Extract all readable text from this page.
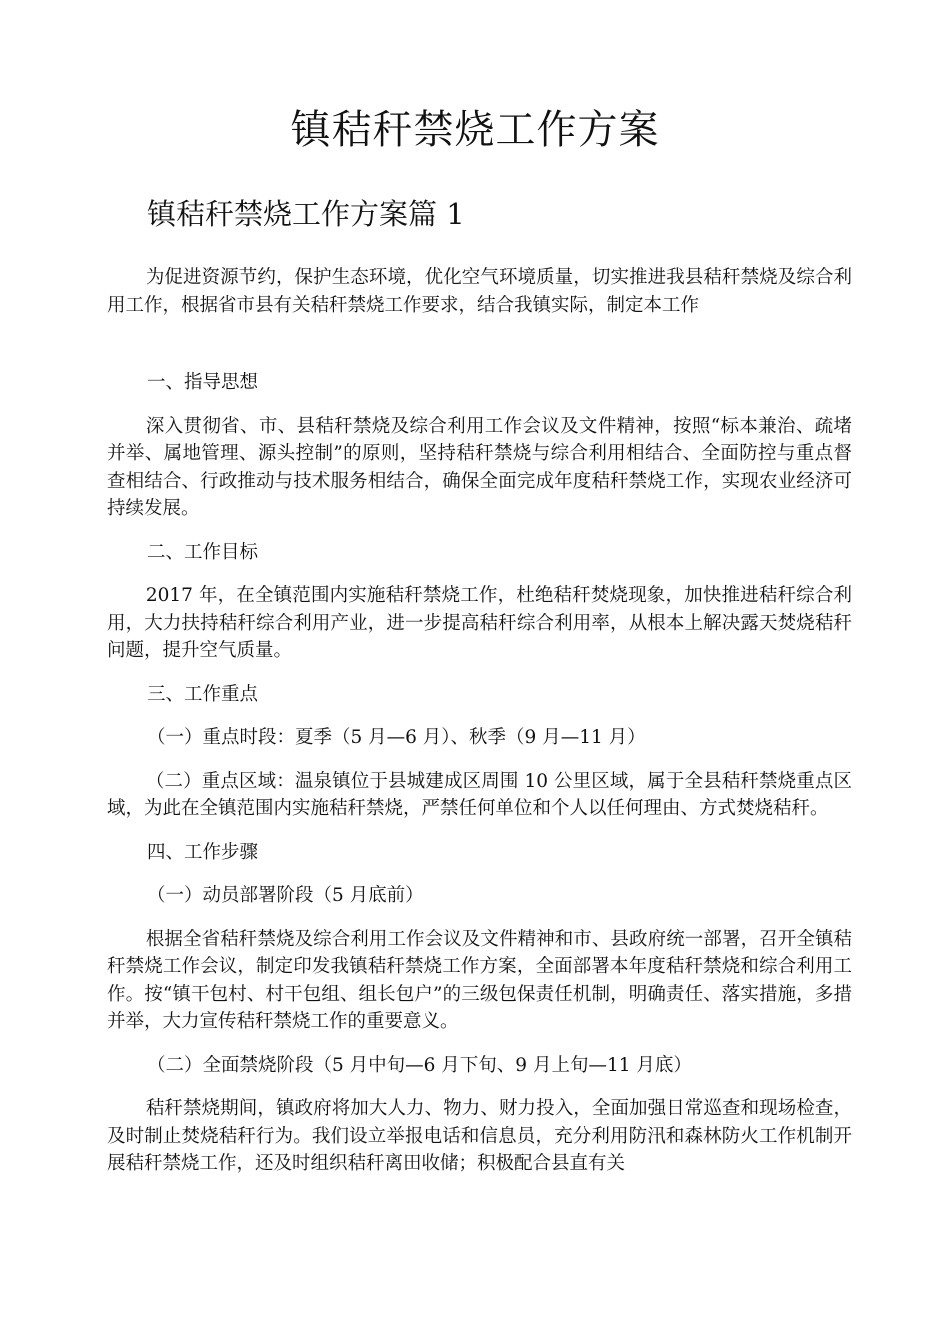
镇秸秆禁烧工作方案
镇秸秆禁烧工作方案篇 1

为促进资源节约，保护生态环境，优化空气环境质量，切实推进我县秸秆禁烧及综合利用工作，根据省市县有关秸秆禁烧工作要求，结合我镇实际，制定本工作

一、指导思想

深入贯彻省、市、县秸秆禁烧及综合利用工作会议及文件精神，按照“标本兼治、疏堵并举、属地管理、源头控制”的原则，坚持秸秆禁烧与综合利用相结合、全面防控与重点督查相结合、行政推动与技术服务相结合，确保全面完成年度秸秆禁烧工作，实现农业经济可持续发展。

二、工作目标

2017 年，在全镇范围内实施秸秆禁烧工作，杜绝秸秆焚烧现象，加快推进秸秆综合利用，大力扶持秸秆综合利用产业，进一步提高秸秆综合利用率，从根本上解决露天焚烧秸秆问题，提升空气质量。

三、工作重点

（一）重点时段：夏季（5 月—6 月）、秋季（9 月—11 月）

（二）重点区域：温泉镇位于县城建成区周围 10 公里区域，属于全县秸秆禁烧重点区域，为此在全镇范围内实施秸秆禁烧，严禁任何单位和个人以任何理由、方式焚烧秸秆。

四、工作步骤

（一）动员部署阶段（5 月底前）

根据全省秸秆禁烧及综合利用工作会议及文件精神和市、县政府统一部署，召开全镇秸秆禁烧工作会议，制定印发我镇秸秆禁烧工作方案，全面部署本年度秸秆禁烧和综合利用工作。按“镇干包村、村干包组、组长包户”的三级包保责任机制，明确责任、落实措施，多措并举，大力宣传秸秆禁烧工作的重要意义。

（二）全面禁烧阶段（5 月中旬—6 月下旬、9 月上旬—11 月底）

秸秆禁烧期间，镇政府将加大人力、物力、财力投入，全面加强日常巡查和现场检查，及时制止焚烧秸秆行为。我们设立举报电话和信息员，充分利用防汛和森林防火工作机制开展秸秆禁烧工作，还及时组织秸秆离田收储；积极配合县直有关
